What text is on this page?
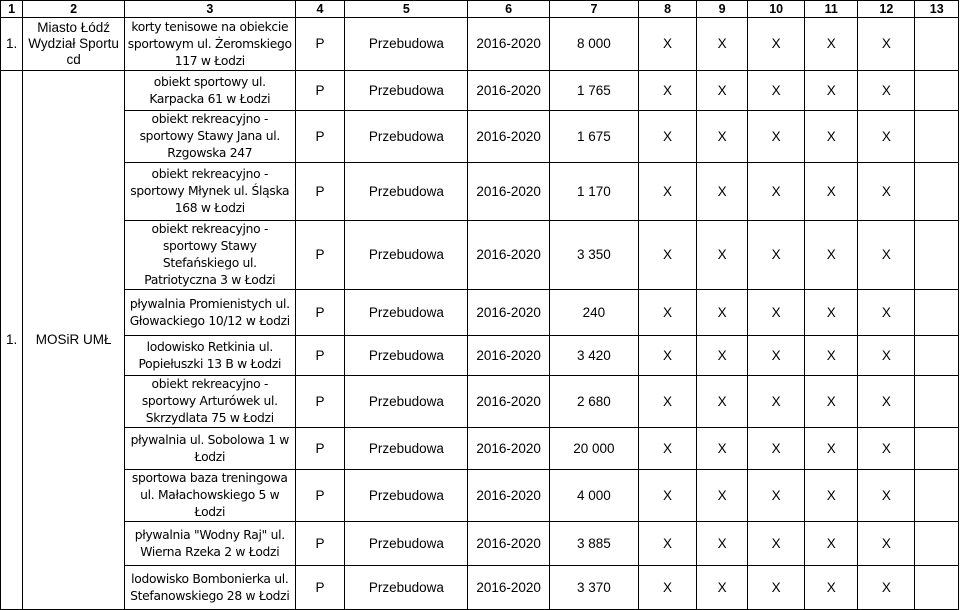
1	2	3	4	5	6	7	8	9	10	11	12	13
1.	Miasto Łódź Wydział Sportu cd	korty tenisowe na obiekcie sportowym ul. Żeromskiego 117 w Łodzi	P	Przebudowa	2016-2020	8 000	X	X	X	X	X	
1.	MOSiR UMŁ	obiekt sportowy ul. Karpacka 61 w Łodzi	P	Przebudowa	2016-2020	1 765	X	X	X	X	X	
		obiekt rekreacyjno - sportowy Stawy Jana ul. Rzgowska 247	P	Przebudowa	2016-2020	1 675	X	X	X	X	X	
		obiekt rekreacyjno - sportowy Młynek ul. Śląska 168 w Łodzi	P	Przebudowa	2016-2020	1 170	X	X	X	X	X	
		obiekt rekreacyjno - sportowy Stawy Stefańskiego ul. Patriotyczna 3 w Łodzi	P	Przebudowa	2016-2020	3 350	X	X	X	X	X	
		pływalnia Promienistych ul. Głowackiego 10/12 w Łodzi	P	Przebudowa	2016-2020	240	X	X	X	X	X	
		lodowisko Retkinia ul. Popiełuszki 13 B w Łodzi	P	Przebudowa	2016-2020	3 420	X	X	X	X	X	
		obiekt rekreacyjno - sportowy Arturówek ul. Skrzydlata 75 w Łodzi	P	Przebudowa	2016-2020	2 680	X	X	X	X	X	
		pływalnia ul. Sobolowa 1 w Łodzi	P	Przebudowa	2016-2020	20 000	X	X	X	X	X	
		sportowa baza treningowa ul. Małachowskiego 5 w Łodzi	P	Przebudowa	2016-2020	4 000	X	X	X	X	X	
		pływalnia "Wodny Raj" ul. Wierna Rzeka 2 w Łodzi	P	Przebudowa	2016-2020	3 885	X	X	X	X	X	
		lodowisko Bombonierka ul. Stefanowskiego 28 w Łodzi	P	Przebudowa	2016-2020	3 370	X	X	X	X	X	
